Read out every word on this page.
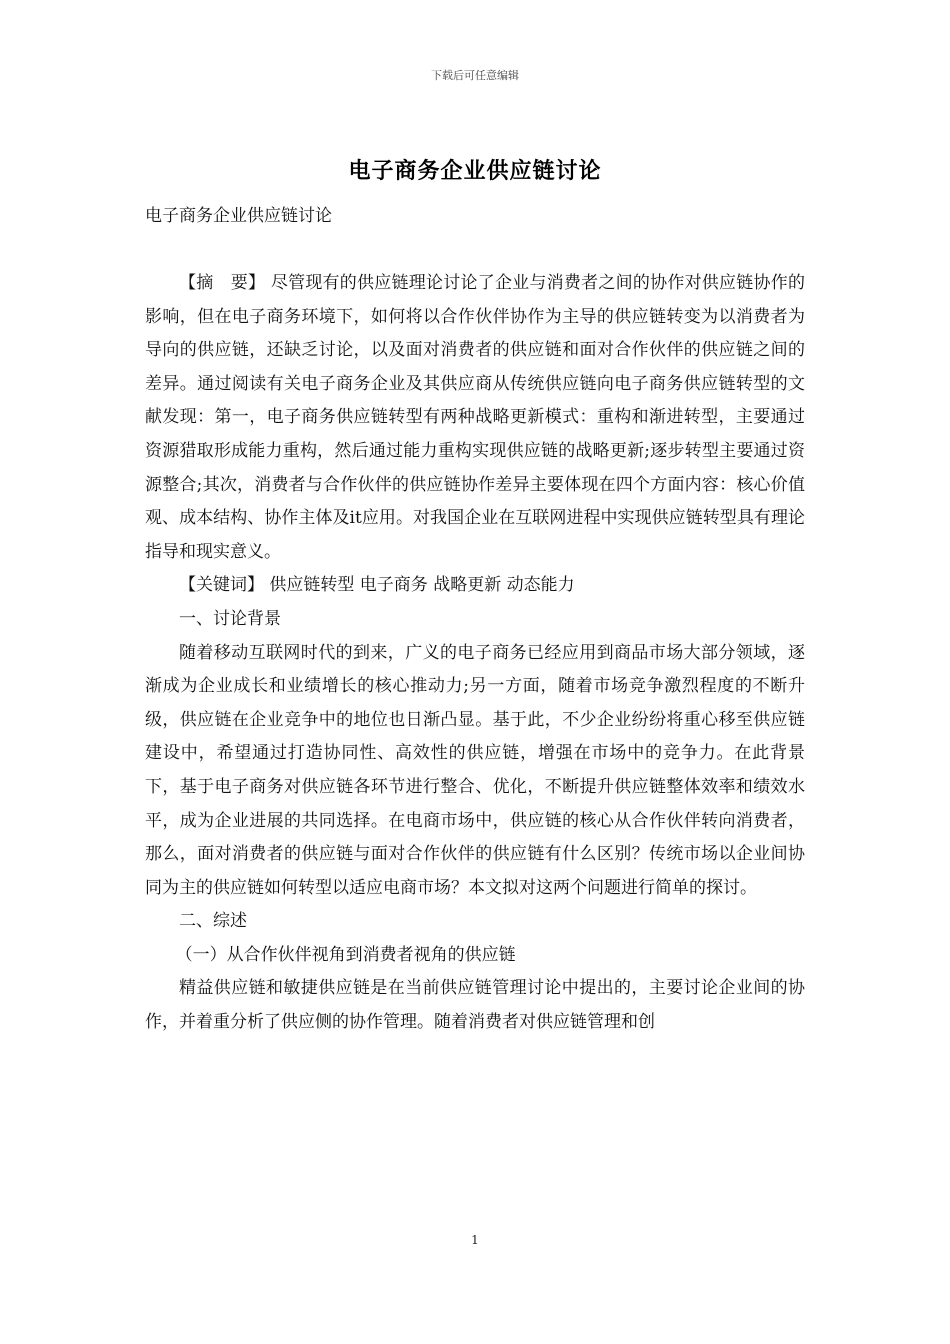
下载后可任意编辑
电子商务企业供应链讨论
电子商务企业供应链讨论

【摘　要】 尽管现有的供应链理论讨论了企业与消费者之间的协作对供应链协作的影响，但在电子商务环境下，如何将以合作伙伴协作为主导的供应链转变为以消费者为导向的供应链，还缺乏讨论，以及面对消费者的供应链和面对合作伙伴的供应链之间的差异。通过阅读有关电子商务企业及其供应商从传统供应链向电子商务供应链转型的文献发现：第一，电子商务供应链转型有两种战略更新模式：重构和渐进转型，主要通过资源猎取形成能力重构，然后通过能力重构实现供应链的战略更新;逐步转型主要通过资源整合;其次，消费者与合作伙伴的供应链协作差异主要体现在四个方面内容：核心价值观、成本结构、协作主体及it应用。对我国企业在互联网进程中实现供应链转型具有理论指导和现实意义。

【关键词】 供应链转型 电子商务 战略更新 动态能力

一、讨论背景

随着移动互联网时代的到来，广义的电子商务已经应用到商品市场大部分领域，逐渐成为企业成长和业绩增长的核心推动力;另一方面，随着市场竞争激烈程度的不断升级，供应链在企业竞争中的地位也日渐凸显。基于此，不少企业纷纷将重心移至供应链建设中，希望通过打造协同性、高效性的供应链，增强在市场中的竞争力。在此背景下，基于电子商务对供应链各环节进行整合、优化，不断提升供应链整体效率和绩效水平，成为企业进展的共同选择。在电商市场中，供应链的核心从合作伙伴转向消费者，那么，面对消费者的供应链与面对合作伙伴的供应链有什么区别？传统市场以企业间协同为主的供应链如何转型以适应电商市场？本文拟对这两个问题进行简单的探讨。

二、综述

（一）从合作伙伴视角到消费者视角的供应链

精益供应链和敏捷供应链是在当前供应链管理讨论中提出的，主要讨论企业间的协作，并着重分析了供应侧的协作管理。随着消费者对供应链管理和创

1
